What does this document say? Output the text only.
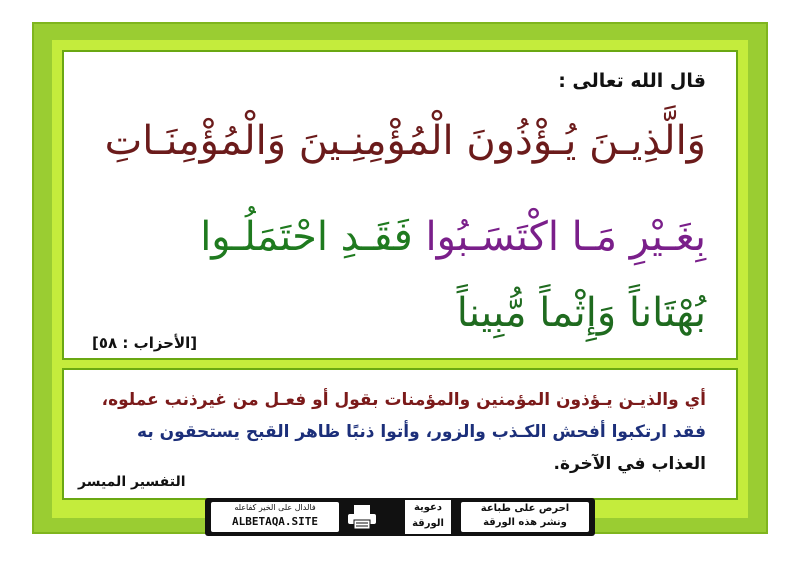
قال الله تعالى :
وَالَّذِيـنَ يُـؤْذُونَ الْمُؤْمِنِـينَ وَالْمُؤْمِنَـاتِ
بِغَـيْرِ مَـا اكْتَسَـبُوا فَقَـدِ احْتَمَلُـوا
بُهْتَاناً وَإِثْماً مُّبِيناً
[الأحزاب : ٥٨]
أي والذيـن يـؤذون المؤمنين والمؤمنات بقول أو فعـل من غيرذنب عملوه،
فقد ارتكبوا أفحش الكـذب والزور، وأتوا ذنبًا ظاهر القبح يستحقون به
العذاب في الآخرة.
التفسير الميسر
فالدال على الخير كفاعله
ALBETAQA.SITE
دعوية
الورقة
احرص على طباعة
ونشر هذه الورقة
